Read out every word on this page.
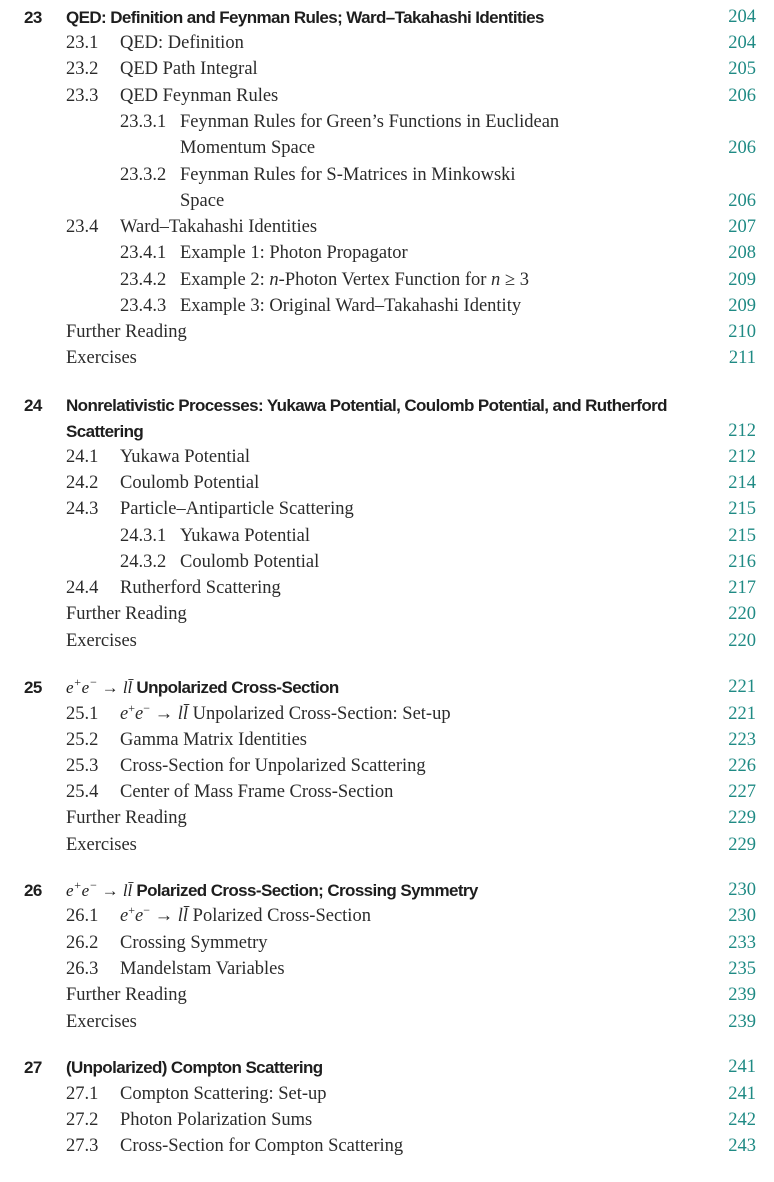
23 QED: Definition and Feynman Rules; Ward–Takahashi Identities	204
23.1 QED: Definition	204
23.2 QED Path Integral	205
23.3 QED Feynman Rules	206
23.3.1 Feynman Rules for Green’s Functions in Euclidean
Momentum Space	206
23.3.2 Feynman Rules for S-Matrices in Minkowski
Space	206
23.4 Ward–Takahashi Identities	207
23.4.1 Example 1: Photon Propagator	208
23.4.2 Example 2: n-Photon Vertex Function for n ≥ 3	209
23.4.3 Example 3: Original Ward–Takahashi Identity	209
Further Reading	210
Exercises	211
24 Nonrelativistic Processes: Yukawa Potential, Coulomb Potential, and Rutherford
Scattering	212
24.1 Yukawa Potential	212
24.2 Coulomb Potential	214
24.3 Particle–Antiparticle Scattering	215
24.3.1 Yukawa Potential	215
24.3.2 Coulomb Potential	216
24.4 Rutherford Scattering	217
Further Reading	220
Exercises	220
25 e+e− → ll̄ Unpolarized Cross-Section	221
25.1 e+e− → ll̄ Unpolarized Cross-Section: Set-up	221
25.2 Gamma Matrix Identities	223
25.3 Cross-Section for Unpolarized Scattering	226
25.4 Center of Mass Frame Cross-Section	227
Further Reading	229
Exercises	229
26 e+e− → ll̄ Polarized Cross-Section; Crossing Symmetry	230
26.1 e+e− → ll̄ Polarized Cross-Section	230
26.2 Crossing Symmetry	233
26.3 Mandelstam Variables	235
Further Reading	239
Exercises	239
27 (Unpolarized) Compton Scattering	241
27.1 Compton Scattering: Set-up	241
27.2 Photon Polarization Sums	242
27.3 Cross-Section for Compton Scattering	243
